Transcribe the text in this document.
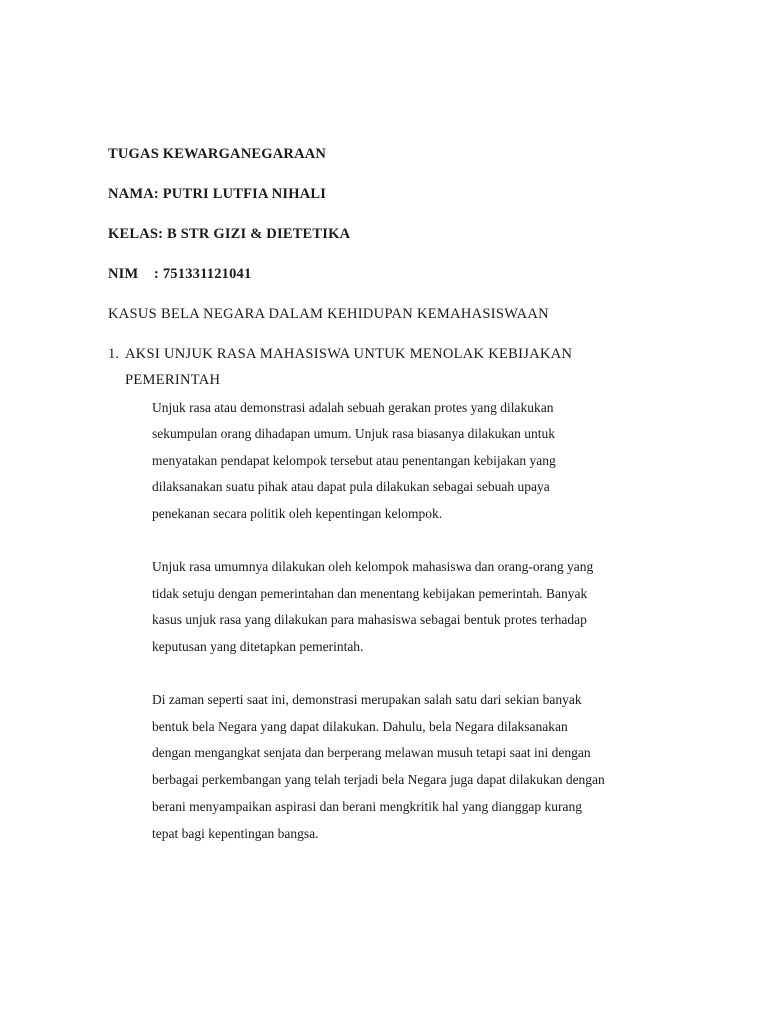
TUGAS KEWARGANEGARAAN

NAMA: PUTRI LUTFIA NIHALI

KELAS: B STR GIZI & DIETETIKA

NIM : 751331121041

KASUS BELA NEGARA DALAM KEHIDUPAN KEMAHASISWAAN

1. AKSI UNJUK RASA MAHASISWA UNTUK MENOLAK KEBIJAKAN

PEMERINTAH

Unjuk rasa atau demonstrasi adalah sebuah gerakan protes yang dilakukan

sekumpulan orang dihadapan umum. Unjuk rasa biasanya dilakukan untuk

menyatakan pendapat kelompok tersebut atau penentangan kebijakan yang

dilaksanakan suatu pihak atau dapat pula dilakukan sebagai sebuah upaya

penekanan secara politik oleh kepentingan kelompok.

Unjuk rasa umumnya dilakukan oleh kelompok mahasiswa dan orang-orang yang

tidak setuju dengan pemerintahan dan menentang kebijakan pemerintah. Banyak

kasus unjuk rasa yang dilakukan para mahasiswa sebagai bentuk protes terhadap

keputusan yang ditetapkan pemerintah.

Di zaman seperti saat ini, demonstrasi merupakan salah satu dari sekian banyak

bentuk bela Negara yang dapat dilakukan. Dahulu, bela Negara dilaksanakan

dengan mengangkat senjata dan berperang melawan musuh tetapi saat ini dengan

berbagai perkembangan yang telah terjadi bela Negara juga dapat dilakukan dengan

berani menyampaikan aspirasi dan berani mengkritik hal yang dianggap kurang

tepat bagi kepentingan bangsa.
